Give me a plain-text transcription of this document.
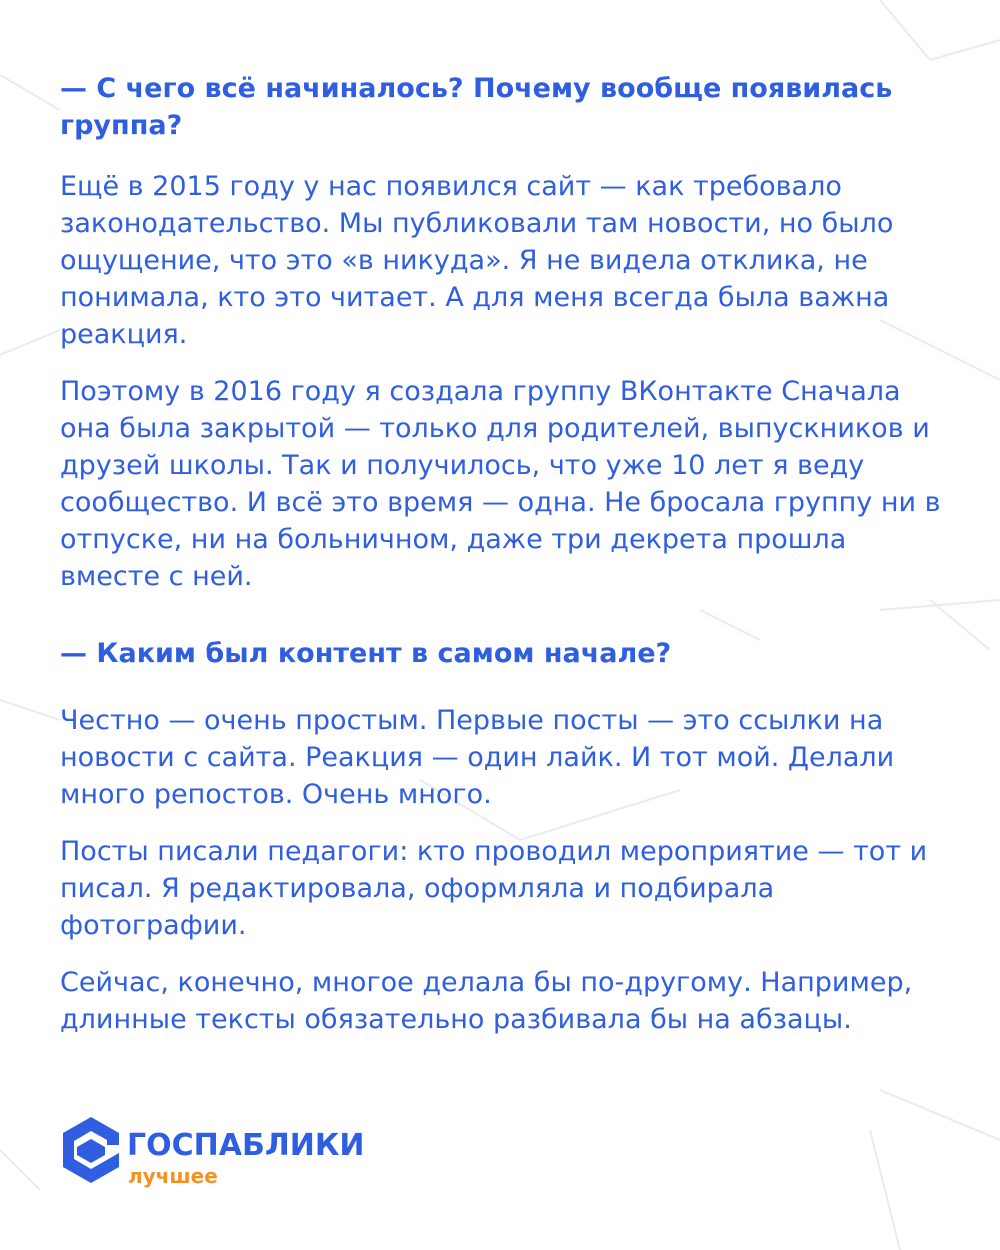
— С чего всё начиналось? Почему вообще появилась группа?

Ещё в 2015 году у нас появился сайт — как требовало законодательство. Мы публиковали там новости, но было ощущение, что это «в никуда». Я не видела отклика, не понимала, кто это читает. А для меня всегда была важна реакция.

Поэтому в 2016 году я создала группу ВКонтакте Сначала она была закрытой — только для родителей, выпускников и друзей школы. Так и получилось, что уже 10 лет я веду сообщество. И всё это время — одна. Не бросала группу ни в отпуске, ни на больничном, даже три декрета прошла вместе с ней.

— Каким был контент в самом начале?

Честно — очень простым. Первые посты — это ссылки на новости с сайта. Реакция — один лайк. И тот мой. Делали много репостов. Очень много.

Посты писали педагоги: кто проводил мероприятие — тот и писал. Я редактировала, оформляла и подбирала фотографии.

Сейчас, конечно, многое делала бы по-другому. Например, длинные тексты обязательно разбивала бы на абзацы.

ГОСПАБЛИКИ
лучшее
